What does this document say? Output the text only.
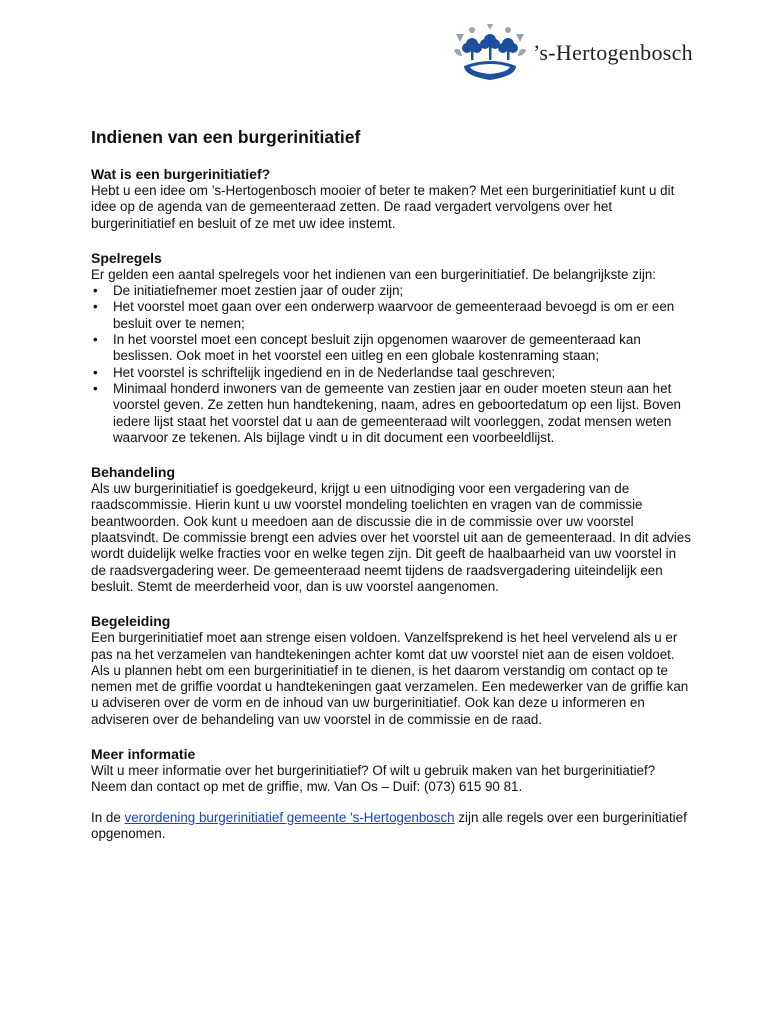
’s-Hertogenbosch
Indienen van een burgerinitiatief
Wat is een burgerinitiatief?

Hebt u een idee om ’s-Hertogenbosch mooier of beter te maken? Met een burgerinitiatief kunt u dit idee op de agenda van de gemeenteraad zetten. De raad vergadert vervolgens over het burgerinitiatief en besluit of ze met uw idee instemt.

Spelregels

Er gelden een aantal spelregels voor het indienen van een burgerinitiatief. De belangrijkste zijn:

• De initiatiefnemer moet zestien jaar of ouder zijn;
• Het voorstel moet gaan over een onderwerp waarvoor de gemeenteraad bevoegd is om er een besluit over te nemen;
• In het voorstel moet een concept besluit zijn opgenomen waarover de gemeenteraad kan beslissen. Ook moet in het voorstel een uitleg en een globale kostenraming staan;
• Het voorstel is schriftelijk ingediend en in de Nederlandse taal geschreven;
• Minimaal honderd inwoners van de gemeente van zestien jaar en ouder moeten steun aan het voorstel geven. Ze zetten hun handtekening, naam, adres en geboortedatum op een lijst. Boven iedere lijst staat het voorstel dat u aan de gemeenteraad wilt voorleggen, zodat mensen weten waarvoor ze tekenen. Als bijlage vindt u in dit document een voorbeeldlijst.
Behandeling

Als uw burgerinitiatief is goedgekeurd, krijgt u een uitnodiging voor een vergadering van de raadscommissie. Hierin kunt u uw voorstel mondeling toelichten en vragen van de commissie beantwoorden. Ook kunt u meedoen aan de discussie die in de commissie over uw voorstel plaatsvindt. De commissie brengt een advies over het voorstel uit aan de gemeenteraad. In dit advies wordt duidelijk welke fracties voor en welke tegen zijn. Dit geeft de haalbaarheid van uw voorstel in de raadsvergadering weer. De gemeenteraad neemt tijdens de raadsvergadering uiteindelijk een besluit. Stemt de meerderheid voor, dan is uw voorstel aangenomen.

Begeleiding

Een burgerinitiatief moet aan strenge eisen voldoen. Vanzelfsprekend is het heel vervelend als u er pas na het verzamelen van handtekeningen achter komt dat uw voorstel niet aan de eisen voldoet. Als u plannen hebt om een burgerinitiatief in te dienen, is het daarom verstandig om contact op te nemen met de griffie voordat u handtekeningen gaat verzamelen. Een medewerker van de griffie kan u adviseren over de vorm en de inhoud van uw burgerinitiatief. Ook kan deze u informeren en adviseren over de behandeling van uw voorstel in de commissie en de raad.

Meer informatie

Wilt u meer informatie over het burgerinitiatief? Of wilt u gebruik maken van het burgerinitiatief? Neem dan contact op met de griffie, mw. Van Os – Duif: (073) 615 90 81.

In de verordening burgerinitiatief gemeente 's-Hertogenbosch zijn alle regels over een burgerinitiatief opgenomen.
